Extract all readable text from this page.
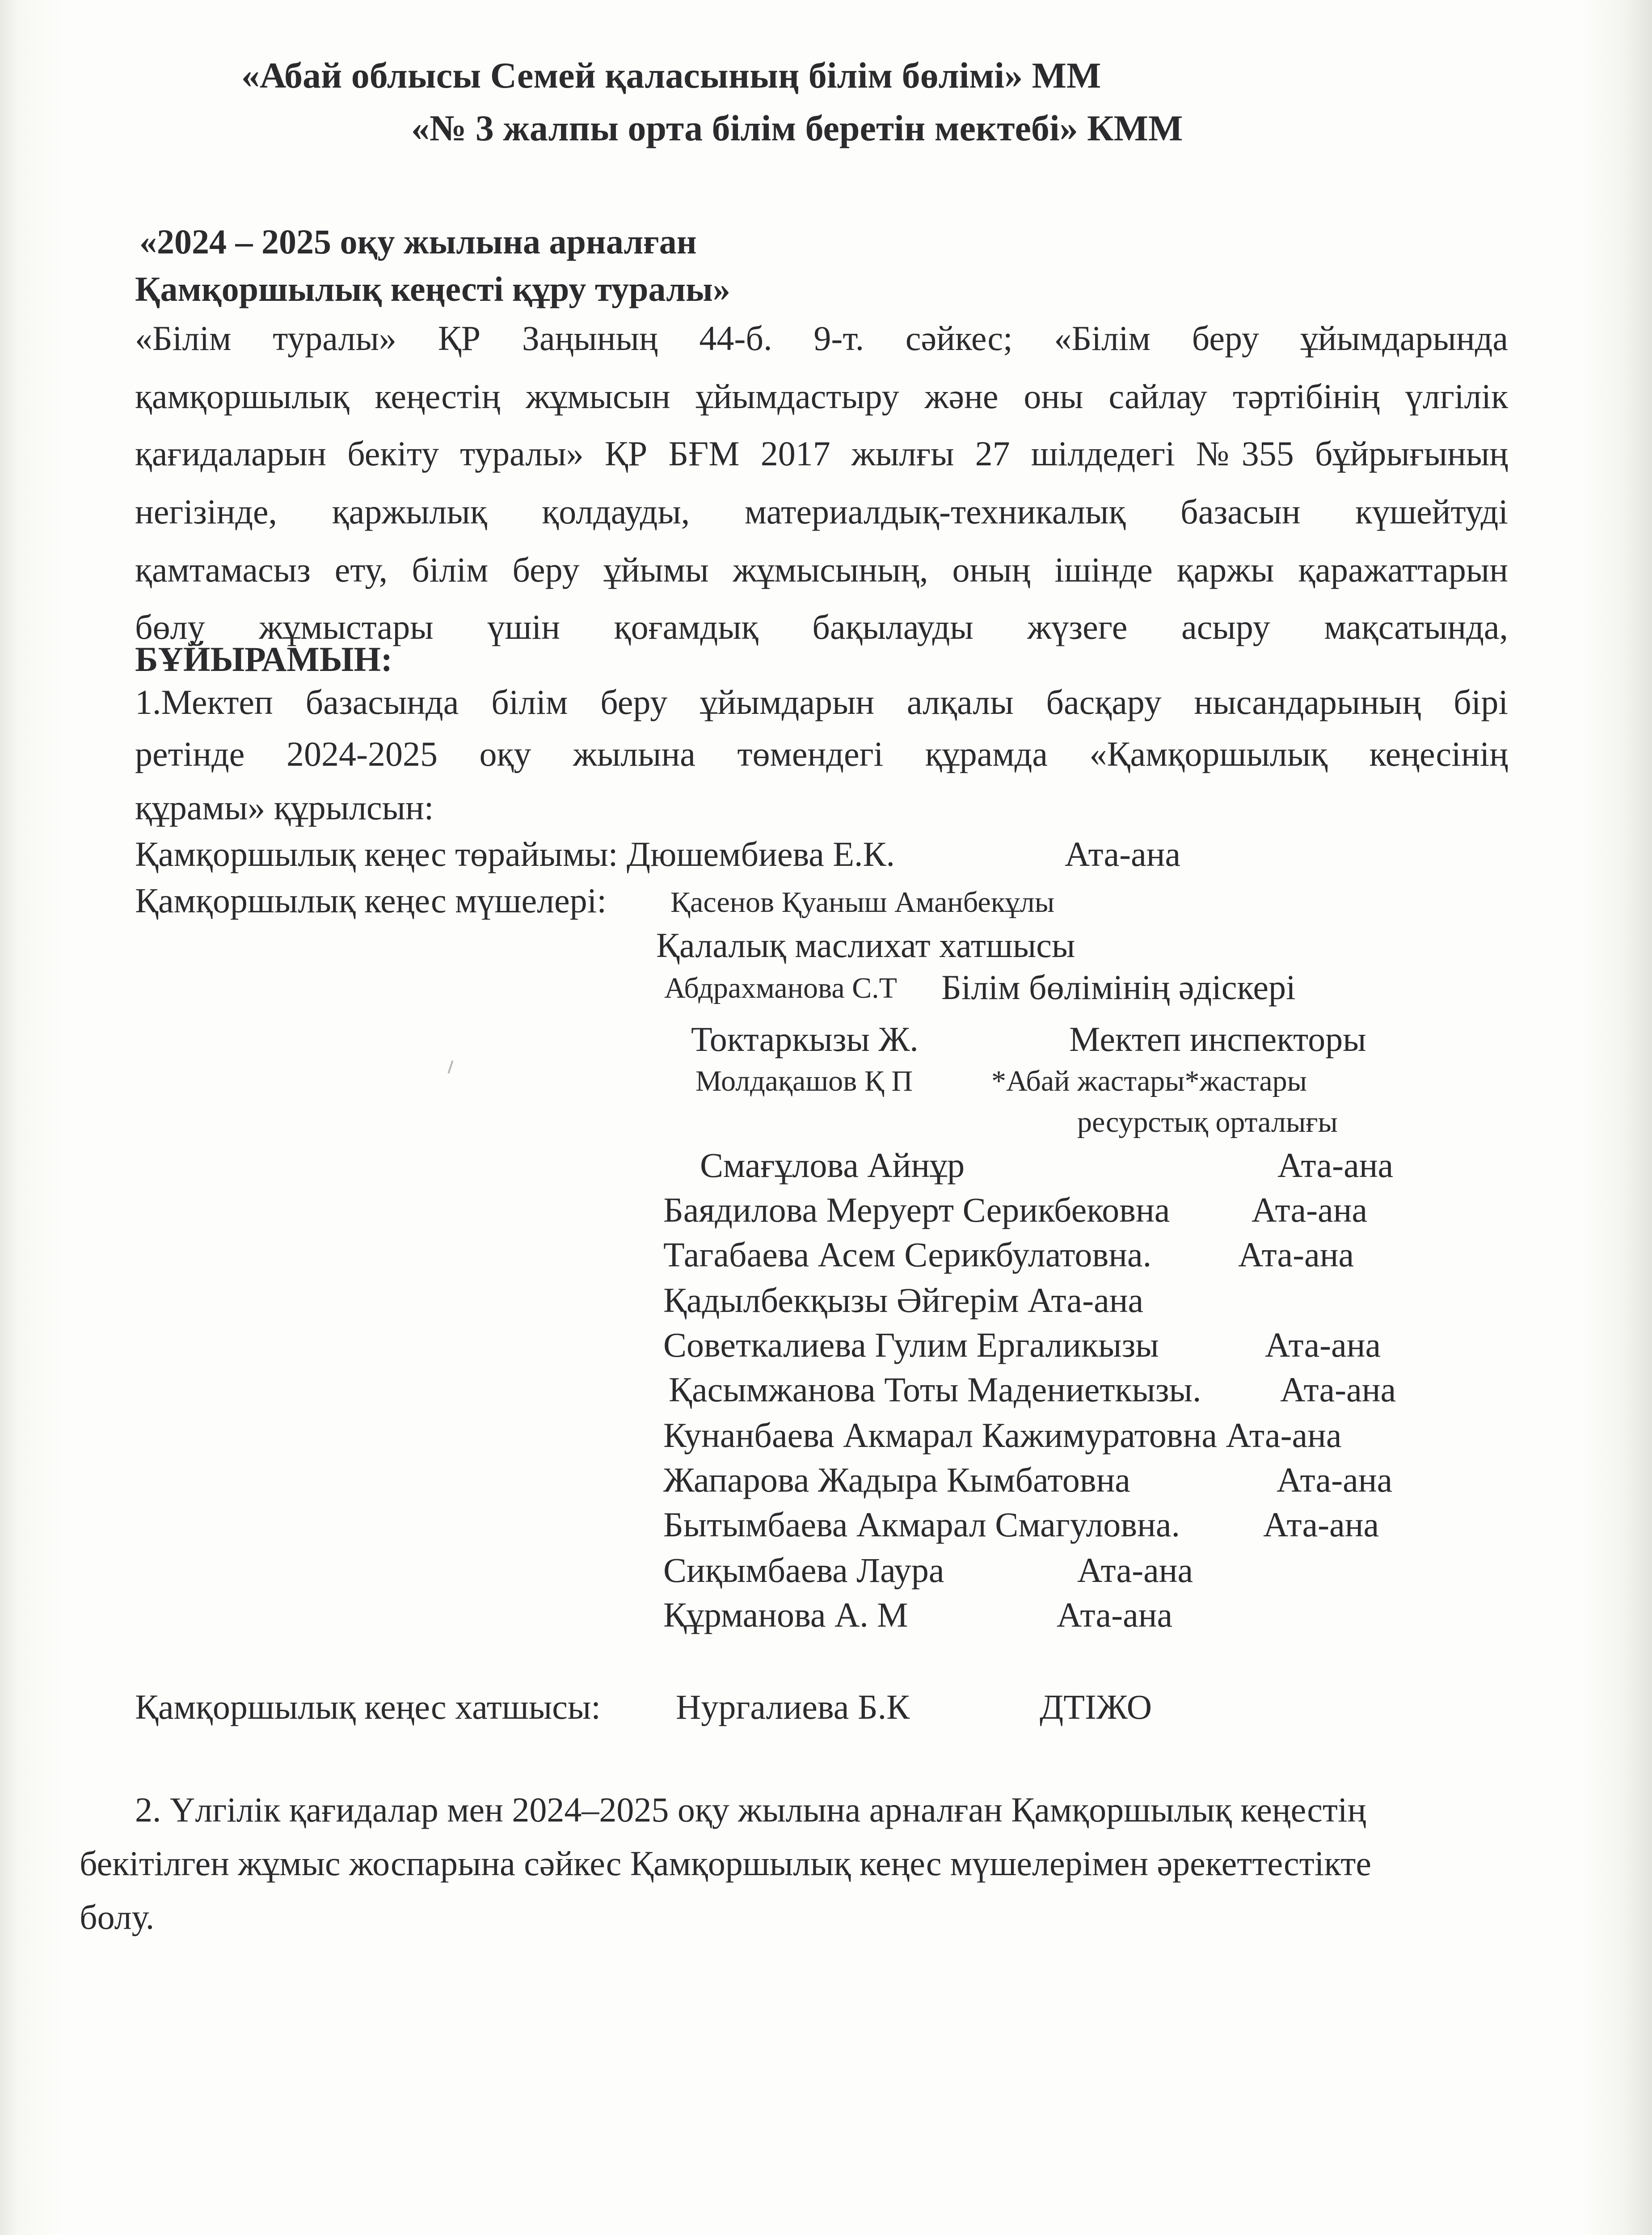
«Абай облысы Семей қаласының білім бөлімі» ММ
«№ 3 жалпы орта білім беретін мектебі» КММ
«2024 – 2025 оқу жылына арналған
Қамқоршылық кеңесті құру туралы»
«Білім туралы» ҚР Заңының 44-б. 9-т. сәйкес; «Білім беру ұйымдарында
қамқоршылық кеңестің жұмысын ұйымдастыру және оны сайлау тәртібінің үлгілік
қағидаларын бекіту туралы» ҚР БҒМ 2017 жылғы 27 шілдедегі №355 бұйрығының
негізінде, қаржылық қолдауды, материалдық-техникалық базасын күшейтуді
қамтамасыз ету, білім беру ұйымы жұмысының, оның ішінде қаржы қаражаттарын
бөлу жұмыстары үшін қоғамдық бақылауды жүзеге асыру мақсатында,
БҰЙЫРАМЫН:
1.Мектеп базасында білім беру ұйымдарын алқалы басқару нысандарының бірі
ретінде 2024-2025 оқу жылына төмендегі құрамда «Қамқоршылық кеңесінің
құрамы» құрылсын:
Қамқоршылық кеңес төрайымы: Дюшембиева Е.К.	Ата-ана
Қамқоршылық кеңес мүшелері: Қасенов Қуаныш Аманбекұлы
Қалалық маслихат хатшысы
Абдрахманова С.Т Білім бөлімінің әдіскері
Токтаркызы Ж.	Мектеп инспекторы
Молдақашов Қ П	*Абай жастары*жастары
ресурстық орталығы
Смағұлова Айнұр	Ата-ана
Баядилова Меруерт Серикбековна Ата-ана
Тагабаева Асем Серикбулатовна. Ата-ана
Қадылбекқызы Әйгерім Ата-ана
Советкалиева Гулим Ергаликызы	Ата-ана
Қасымжанова Тоты Мадениеткызы. Ата-ана
Кунанбаева Акмарал Кажимуратовна Ата-ана
Жапарова Жадыра Кымбатовна	Ата-ана
Бытымбаева Акмарал Смагуловна. Ата-ана
Сиқымбаева Лаура	Ата-ана
Құрманова А. М	Ата-ана
Қамқоршылық кеңес хатшысы: Нургалиева Б.К	ДТІЖО
2. Үлгілік қағидалар мен 2024–2025 оқу жылына арналған Қамқоршылық кеңестің
бекітілген жұмыс жоспарына сәйкес Қамқоршылық кеңес мүшелерімен әрекеттестікте
болу.
